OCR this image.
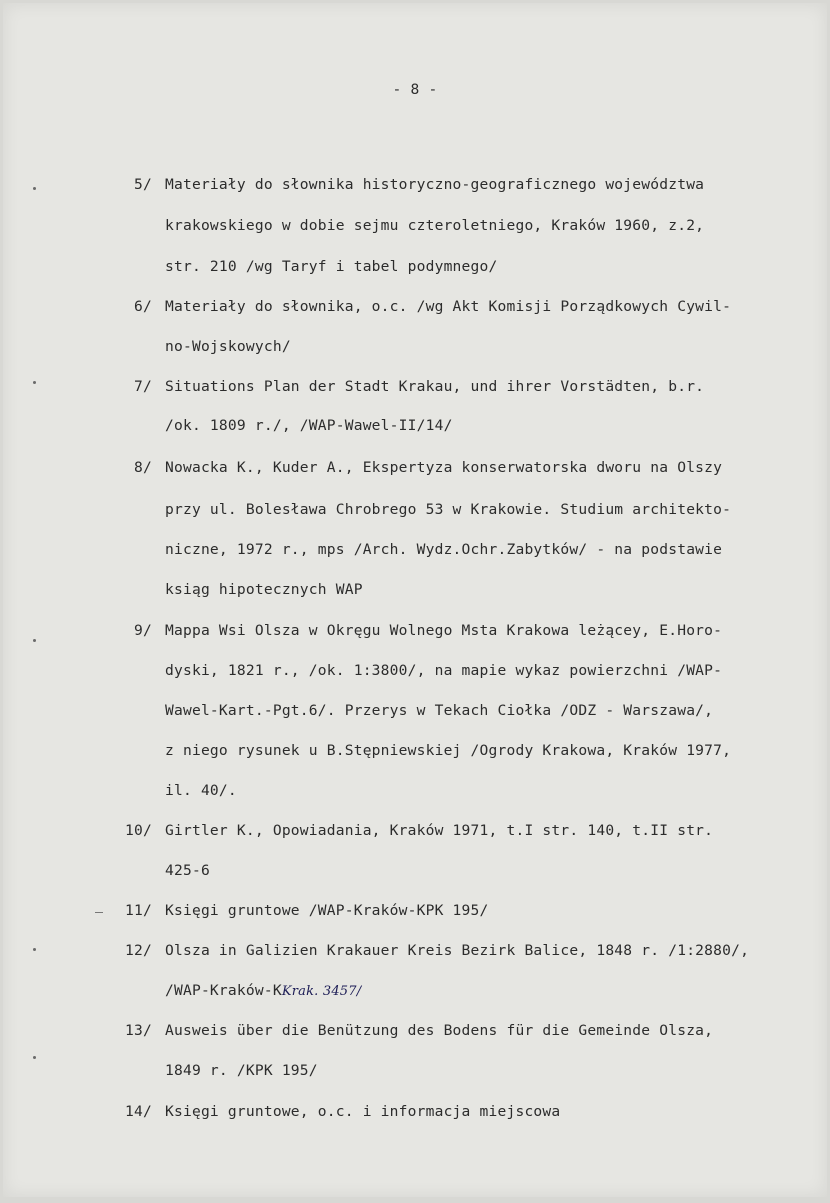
- 8 -
5/ Materiały do słownika historyczno-geograficznego województwa
krakowskiego w dobie sejmu czteroletniego, Kraków 1960, z.2,
str. 210 /wg Taryf i tabel podymnego/
6/ Materiały do słownika, o.c. /wg Akt Komisji Porządkowych Cywil-
no-Wojskowych/
7/ Situations Plan der Stadt Krakau, und ihrer Vorstädten, b.r.
/ok. 1809 r./, /WAP-Wawel-II/14/
8/ Nowacka K., Kuder A., Ekspertyza konserwatorska dworu na Olszy
przy ul. Bolesława Chrobrego 53 w Krakowie. Studium architekto-
niczne, 1972 r., mps /Arch. Wydz.Ochr.Zabytków/ - na podstawie
ksiąg hipotecznych WAP
9/ Mappa Wsi Olsza w Okręgu Wolnego Msta Krakowa leżącey, E.Horo-
dyski, 1821 r., /ok. 1:3800/, na mapie wykaz powierzchni /WAP-
Wawel-Kart.-Pgt.6/. Przerys w Tekach Ciołka /ODZ - Warszawa/,
z niego rysunek u B.Stępniewskiej /Ogrody Krakowa, Kraków 1977,
il. 40/.
10/ Girtler K., Opowiadania, Kraków 1971, t.I str. 140, t.II str.
425-6
11/ Księgi gruntowe /WAP-Kraków-KPK 195/
12/ Olsza in Galizien Krakauer Kreis Bezirk Balice, 1848 r. /1:2880/,
/WAP-Kraków-KKrak. 3457/
13/ Ausweis über die Benützung des Bodens für die Gemeinde Olsza,
1849 r. /KPK 195/
14/ Księgi gruntowe, o.c. i informacja miejscowa
